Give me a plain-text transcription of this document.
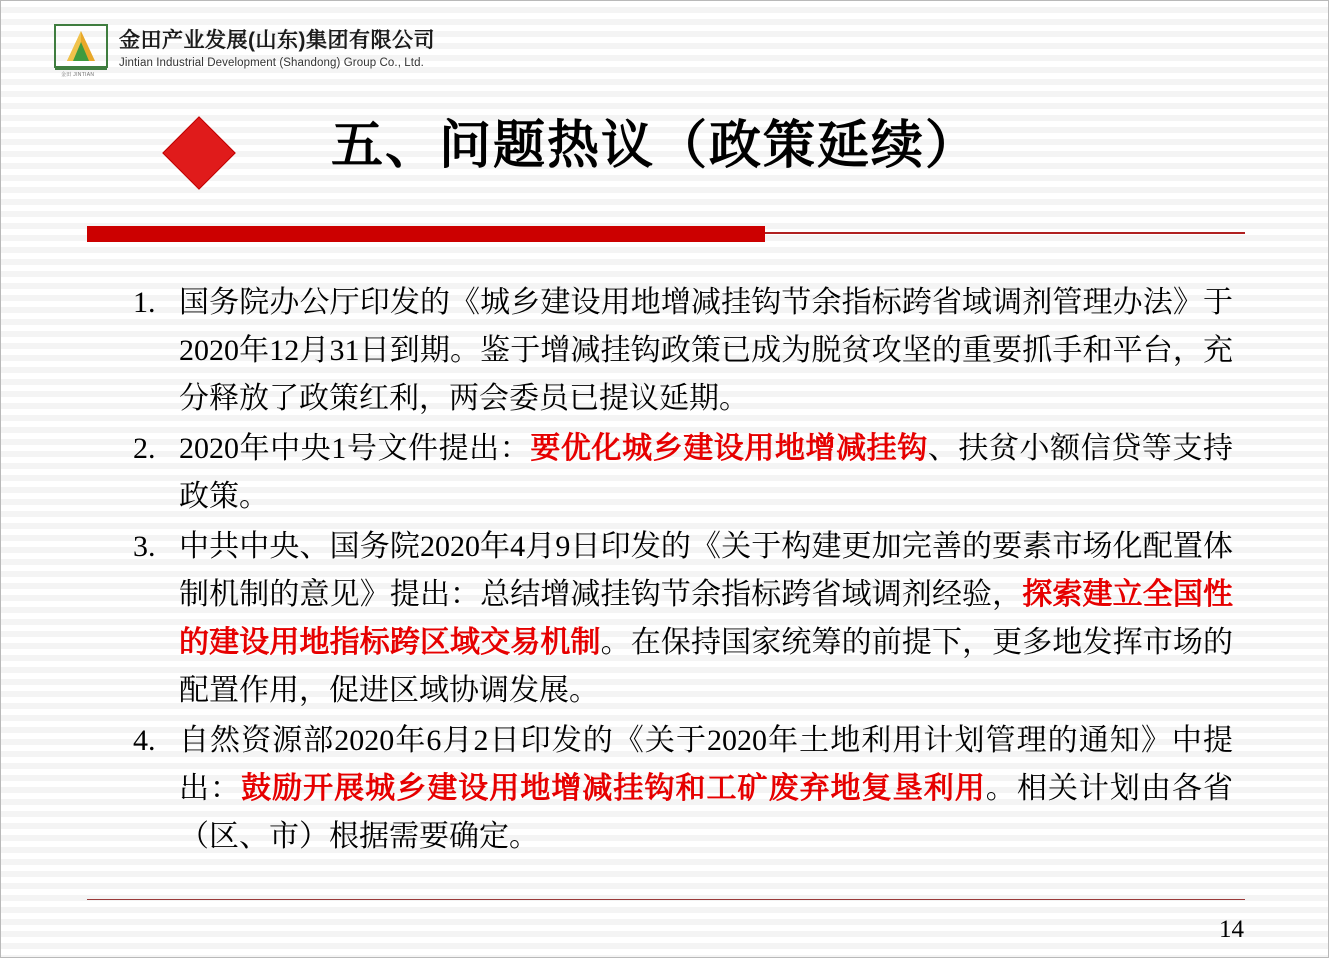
金田 JINTIAN
金田产业发展(山东)集团有限公司
Jintian Industrial Development (Shandong) Group Co., Ltd.
五、问题热议（政策延续）
1. 国务院办公厅印发的《城乡建设用地增减挂钩节余指标跨省域调剂管理办法》于2020年12月31日到期。鉴于增减挂钩政策已成为脱贫攻坚的重要抓手和平台，充分释放了政策红利，两会委员已提议延期。
2. 2020年中央1号文件提出：要优化城乡建设用地增减挂钩、扶贫小额信贷等支持政策。
3. 中共中央、国务院2020年4月9日印发的《关于构建更加完善的要素市场化配置体制机制的意见》提出：总结增减挂钩节余指标跨省域调剂经验，探索建立全国性的建设用地指标跨区域交易机制。在保持国家统筹的前提下，更多地发挥市场的配置作用，促进区域协调发展。
4. 自然资源部2020年6月2日印发的《关于2020年土地利用计划管理的通知》中提出：鼓励开展城乡建设用地增减挂钩和工矿废弃地复垦利用。相关计划由各省（区、市）根据需要确定。
14
